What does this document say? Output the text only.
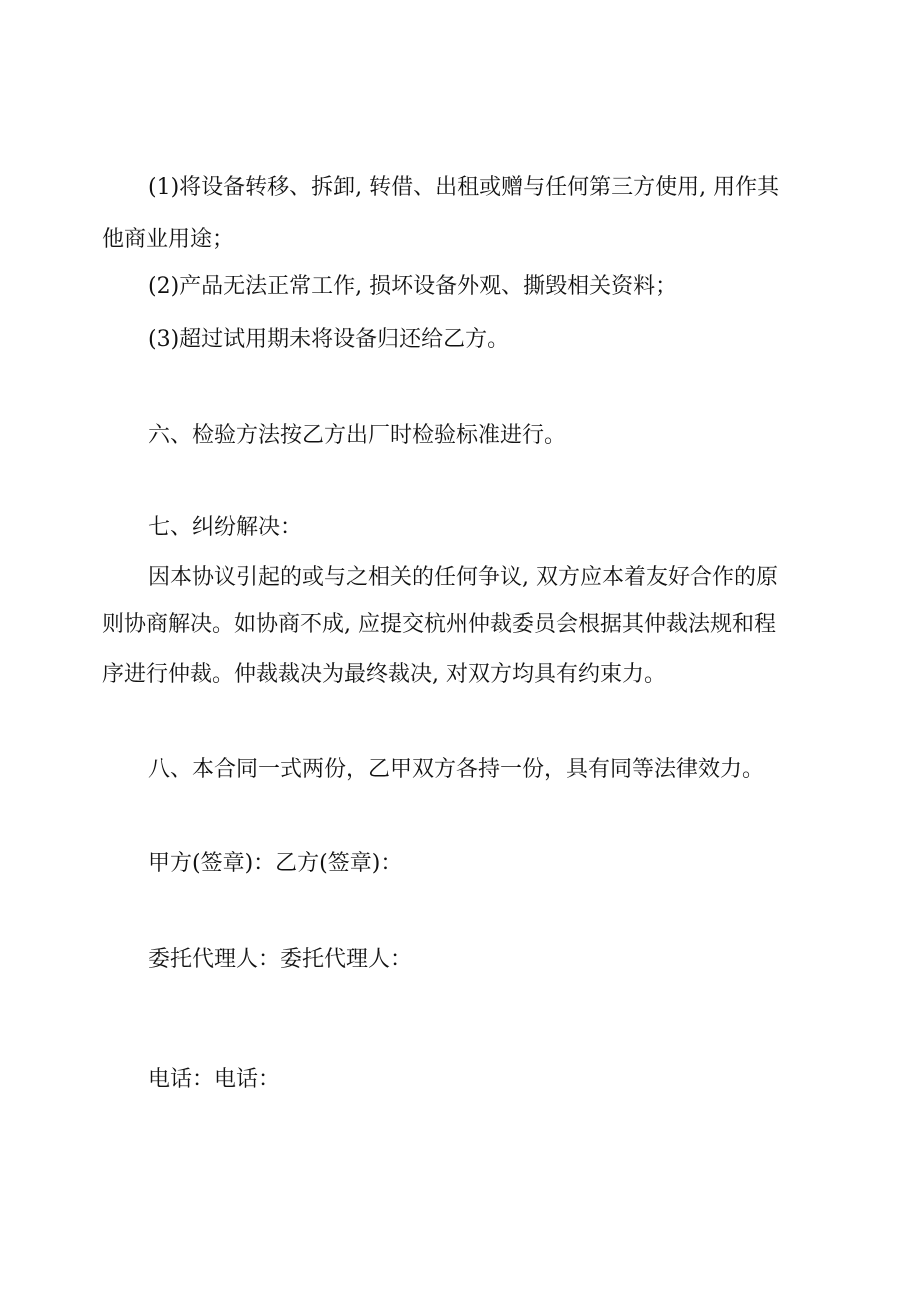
(1)将设备转移、拆卸, 转借、出租或赠与任何第三方使用, 用作其
他商业用途；
(2)产品无法正常工作, 损坏设备外观、撕毁相关资料；
(3)超过试用期未将设备归还给乙方。
六、检验方法按乙方出厂时检验标准进行。
七、纠纷解决：
因本协议引起的或与之相关的任何争议, 双方应本着友好合作的原
则协商解决。如协商不成, 应提交杭州仲裁委员会根据其仲裁法规和程
序进行仲裁。仲裁裁决为最终裁决, 对双方均具有约束力。
八、本合同一式两份，乙甲双方各持一份，具有同等法律效力。
甲方(签章)：乙方(签章)：
委托代理人：委托代理人：
电话：电话：
